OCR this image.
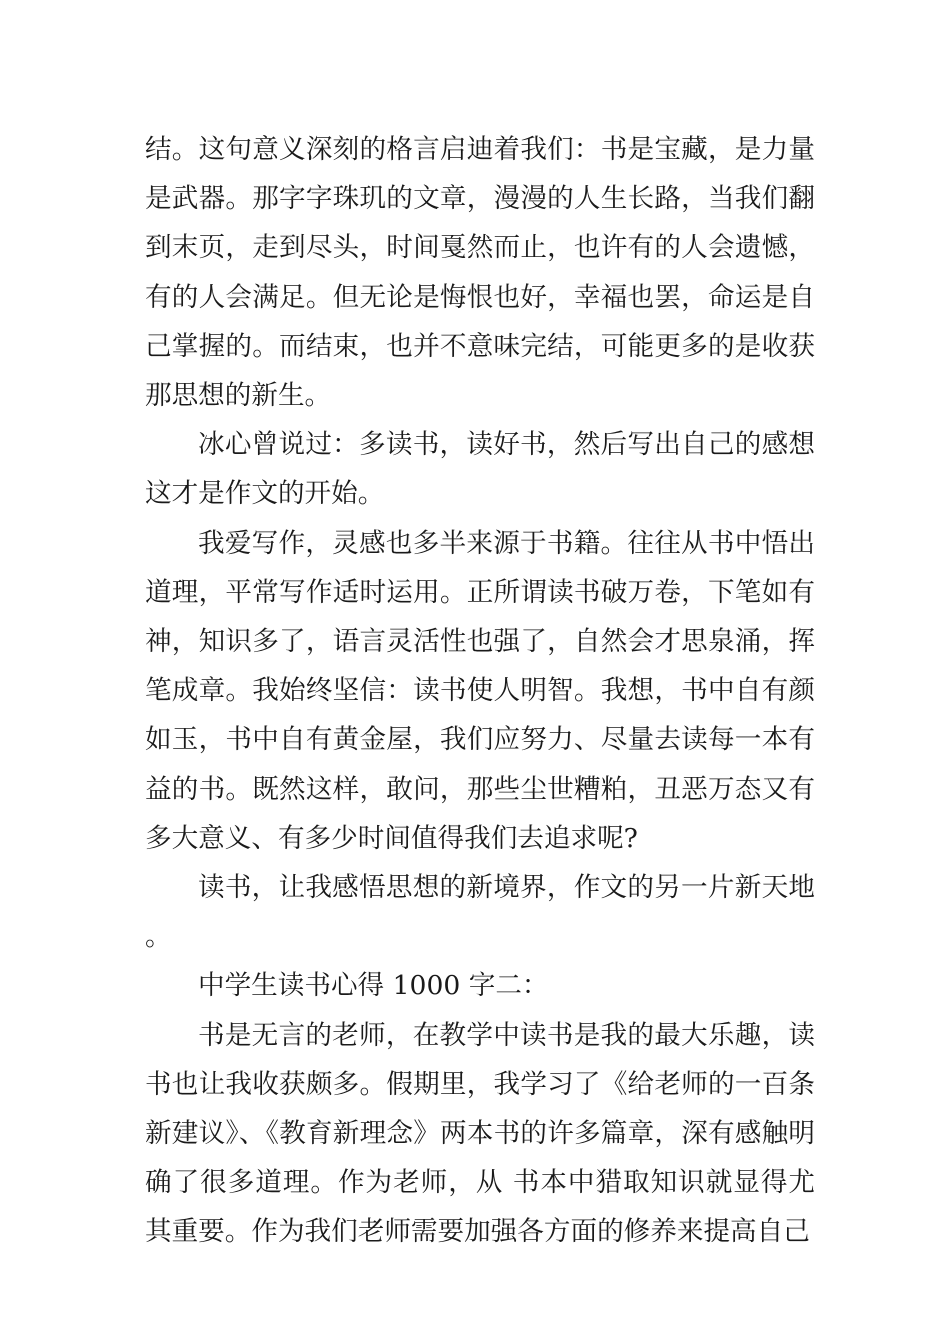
结。这句意义深刻的格言启迪着我们：书是宝藏，是力量是武器。那字字珠玑的文章，漫漫的人生长路，当我们翻到末页，走到尽头，时间戛然而止，也许有的人会遗憾，有的人会满足。但无论是悔恨也好，幸福也罢，命运是自己掌握的。而结束，也并不意味完结，可能更多的是收获那思想的新生。

冰心曾说过：多读书，读好书，然后写出自己的感想这才是作文的开始。

我爱写作，灵感也多半来源于书籍。往往从书中悟出道理，平常写作适时运用。正所谓读书破万卷，下笔如有神，知识多了，语言灵活性也强了，自然会才思泉涌，挥笔成章。我始终坚信：读书使人明智。我想，书中自有颜如玉，书中自有黄金屋，我们应努力、尽量去读每一本有益的书。既然这样，敢问，那些尘世糟粕，丑恶万态又有多大意义、有多少时间值得我们去追求呢?

读书，让我感悟思想的新境界，作文的另一片新天地。

中学生读书心得 1000 字二：

书是无言的老师，在教学中读书是我的最大乐趣，读书也让我收获颇多。假期里，我学习了《给老师的一百条新建议》、《教育新理念》两本书的许多篇章，深有感触明确了很多道理。作为老师，从 书本中猎取知识就显得尤其重要。作为我们老师需要加强各方面的修养来提高自己
